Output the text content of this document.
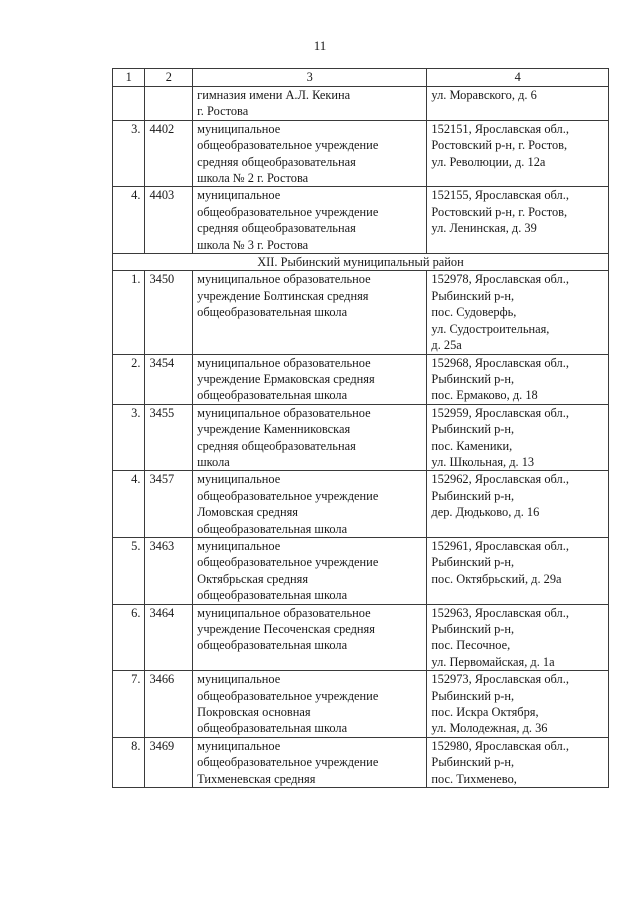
11
1	2	3	4
		гимназия имени А.Л. Кекина
г. Ростова	ул. Моравского, д. 6
3.	4402	муниципальное
общеобразовательное учреждение
средняя общеобразовательная
школа № 2 г. Ростова	152151, Ярославская обл.,
Ростовский р-н, г. Ростов,
ул. Революции, д. 12а
4.	4403	муниципальное
общеобразовательное учреждение
средняя общеобразовательная
школа № 3 г. Ростова	152155, Ярославская обл.,
Ростовский р-н, г. Ростов,
ул. Ленинская, д. 39
XII. Рыбинский муниципальный район			
1.	3450	муниципальное образовательное
учреждение Болтинская средняя
общеобразовательная школа	152978, Ярославская обл.,
Рыбинский р-н,
пос. Судоверфь,
ул. Судостроительная,
д. 25а
2.	3454	муниципальное образовательное
учреждение Ермаковская средняя
общеобразовательная школа	152968, Ярославская обл.,
Рыбинский р-н,
пос. Ермаково, д. 18
3.	3455	муниципальное образовательное
учреждение Каменниковская
средняя общеобразовательная
школа	152959, Ярославская обл.,
Рыбинский р-н,
пос. Каменики,
ул. Школьная, д. 13
4.	3457	муниципальное
общеобразовательное учреждение
Ломовская средняя
общеобразовательная школа	152962, Ярославская обл.,
Рыбинский р-н,
дер. Дюдьково, д. 16
5.	3463	муниципальное
общеобразовательное учреждение
Октябрьская средняя
общеобразовательная школа	152961, Ярославская обл.,
Рыбинский р-н,
пос. Октябрьский, д. 29а
6.	3464	муниципальное образовательное
учреждение Песоченская средняя
общеобразовательная школа	152963, Ярославская обл.,
Рыбинский р-н,
пос. Песочное,
ул. Первомайская, д. 1а
7.	3466	муниципальное
общеобразовательное учреждение
Покровская основная
общеобразовательная школа	152973, Ярославская обл.,
Рыбинский р-н,
пос. Искра Октября,
ул. Молодежная, д. 36
8.	3469	муниципальное
общеобразовательное учреждение
Тихменевская средняя	152980, Ярославская обл.,
Рыбинский р-н,
пос. Тихменево,
